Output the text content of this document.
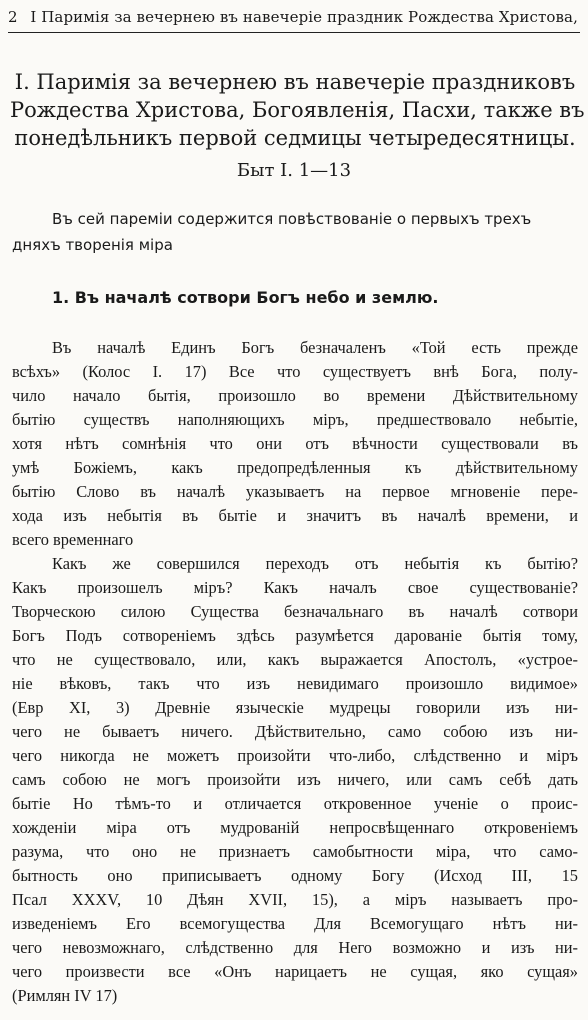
2 I Паримія за вечернею въ навечеріе праздник Рождества Христова,
I. Паримія за вечернею въ навечеріе праздниковъ
Рождества Христова, Богоявленія, Пасхи, также въ
понедѣльникъ первой седмицы четыредесятницы.
Быт I. 1—13
Въ сей пареміи содержится повѣствованіе о первыхъ трехъ
дняхъ творенія міра
1. Въ началѣ сотвори Богъ небо и землю.
Въ началѣ Единъ Богъ безначаленъ «Той есть прежде
всѣхъ» (Колос I. 17) Все что существуетъ внѣ Бога, полу-
чило начало бытія, произошло во времени Дѣйствительному
бытію существъ наполняющихъ міръ, предшествовало небытіе,
хотя нѣтъ сомнѣнія что они отъ вѣчности существовали въ
умѣ Божіемъ, какъ предопредѣленныя къ дѣйствительному
бытію Слово въ началѣ указываетъ на первое мгновеніе пере-
хода изъ небытія въ бытіе и значитъ въ началѣ времени, и
всего временнаго
Какъ же совершился переходъ отъ небытія къ бытію?
Какъ произошелъ міръ? Какъ началъ свое существованіе?
Творческою силою Существа безначальнаго въ началѣ сотвори
Богъ Подъ сотвореніемъ здѣсь разумѣется дарованіе бытія тому,
что не существовало, или, какъ выражается Апостолъ, «устрое-
ніе вѣковъ, такъ что изъ невидимаго произошло видимое»
(Евр XI, 3) Древніе языческіе мудрецы говорили изъ ни-
чего не бываетъ ничего. Дѣйствительно, само собою изъ ни-
чего никогда не можетъ произойти что-либо, слѣдственно и міръ
самъ собою не могъ произойти изъ ничего, или самъ себѣ дать
бытіе Но тѣмъ-то и отличается откровенное ученіе о проис-
хожденіи міра отъ мудрованій непросвѣщеннаго откровеніемъ
разума, что оно не признаетъ самобытности міра, что само-
бытность оно приписываетъ одному Богу (Исход III, 15
Псал XXXV, 10 Дѣян XVII, 15), а міръ называетъ про-
изведеніемъ Его всемогущества Для Всемогущаго нѣтъ ни-
чего невозможнаго, слѣдственно для Него возможно и изъ ни-
чего произвести все «Онъ нарицаетъ не сущая, яко сущая»
(Римлян IV 17)
